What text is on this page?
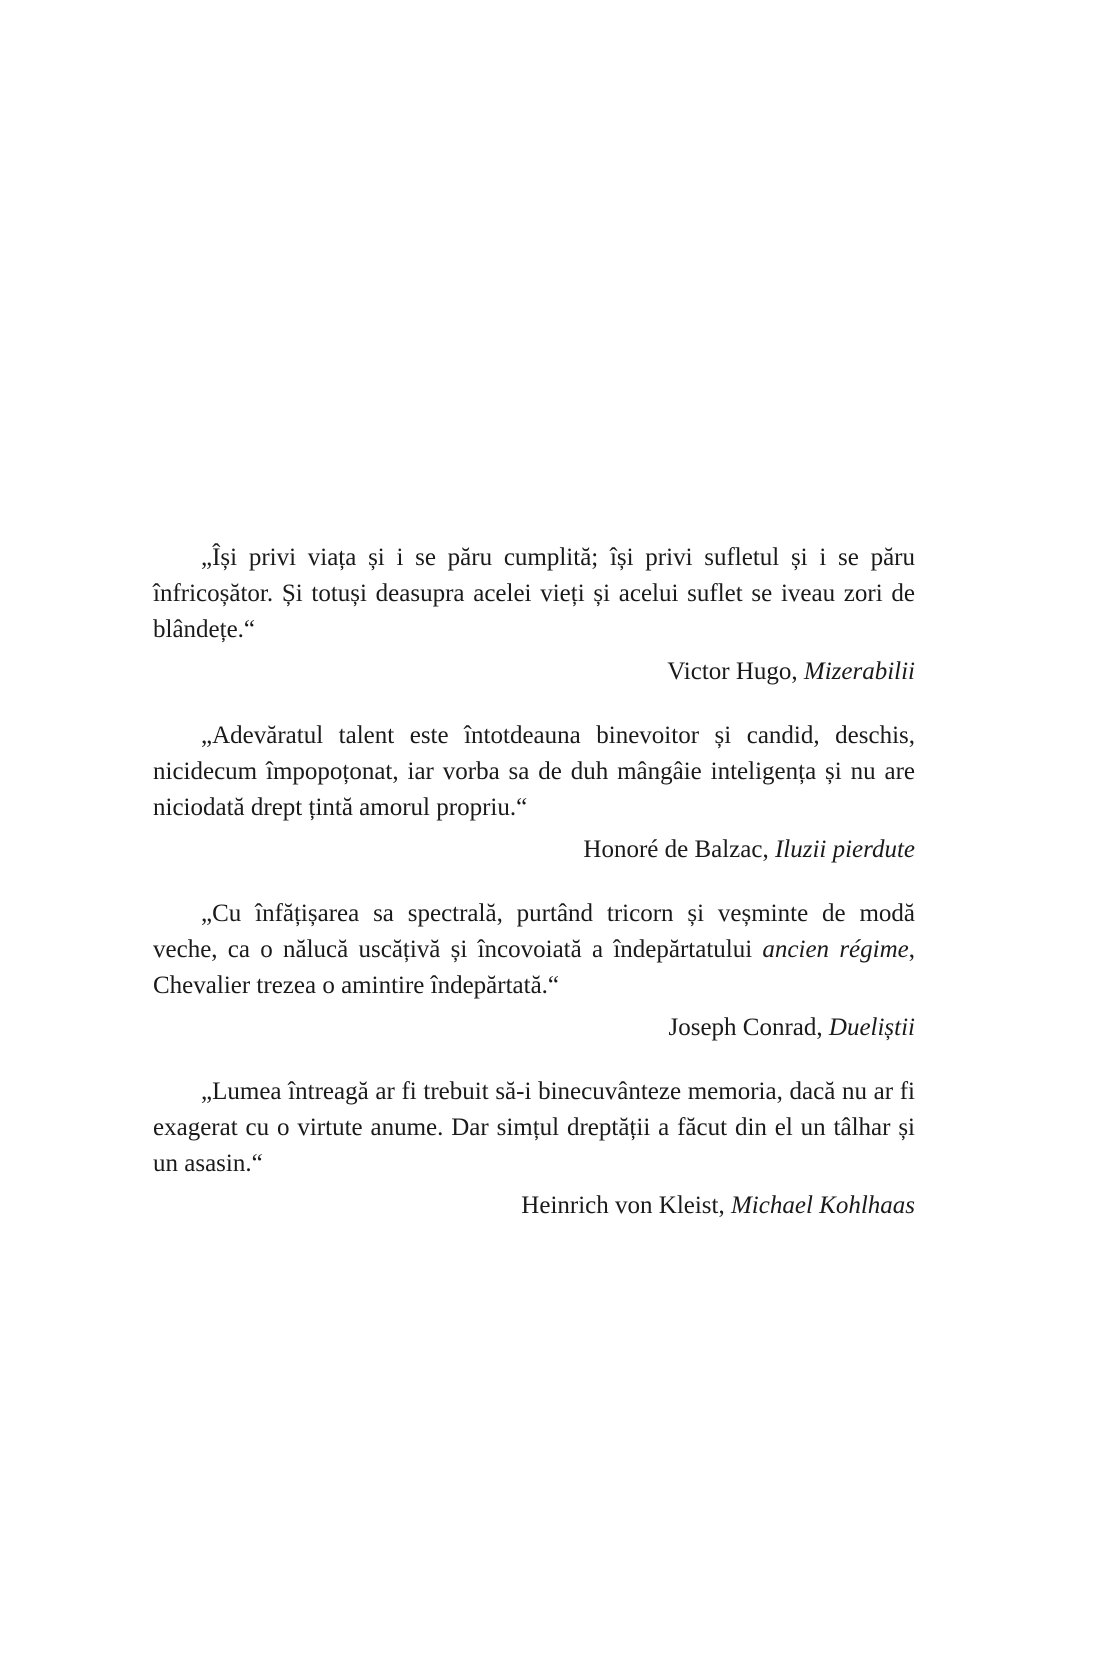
„Își privi viața și i se păru cumplită; își privi sufletul și i se păru înfricoșător. Și totuși deasupra acelei vieți și acelui suflet se iveau zori de blândețe.“

Victor Hugo, Mizerabilii

„Adevăratul talent este întotdeauna binevoitor și candid, deschis, nicidecum împopoțonat, iar vorba sa de duh mângâie inteligența și nu are niciodată drept țintă amorul propriu.“

Honoré de Balzac, Iluzii pierdute

„Cu înfățișarea sa spectrală, purtând tricorn și veșminte de modă veche, ca o nălucă uscățivă și încovoiată a îndepărtatului ancien régime, Chevalier trezea o amintire îndepărtată.“

Joseph Conrad, Dueliștii

„Lumea întreagă ar fi trebuit să-i binecuvânteze memoria, dacă nu ar fi exagerat cu o virtute anume. Dar simțul dreptății a făcut din el un tâlhar și un asasin.“

Heinrich von Kleist, Michael Kohlhaas
